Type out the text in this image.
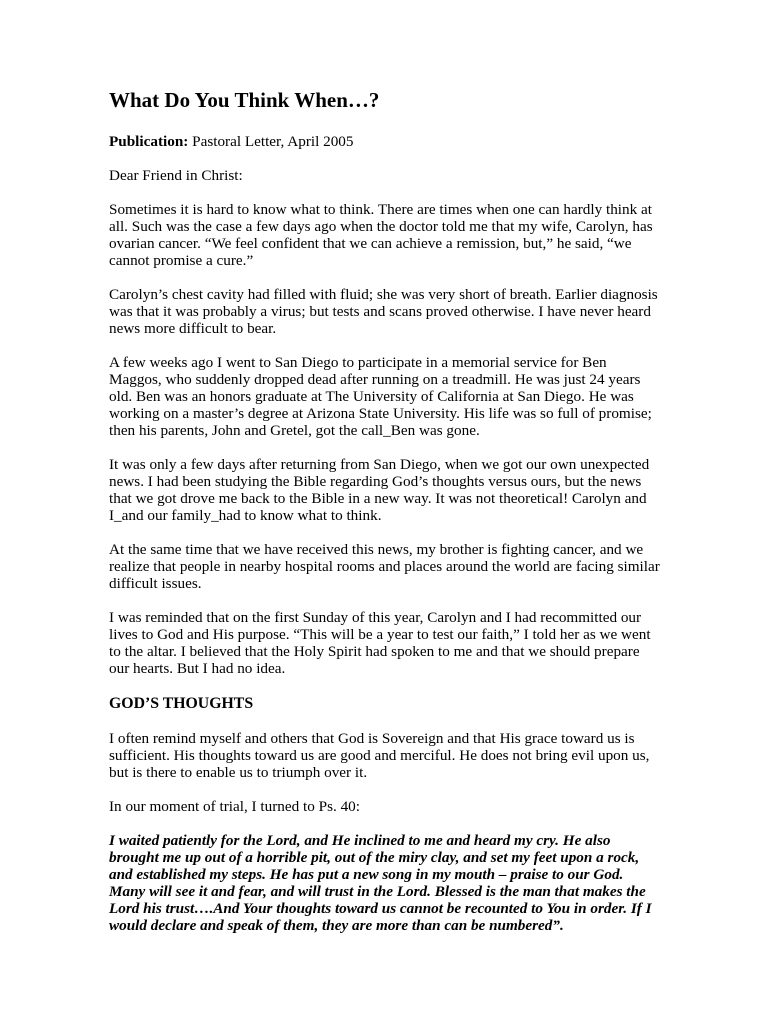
What Do You Think When…?

Publication: Pastoral Letter, April 2005

Dear Friend in Christ:

Sometimes it is hard to know what to think. There are times when one can hardly think at all. Such was the case a few days ago when the doctor told me that my wife, Carolyn, has ovarian cancer. “We feel confident that we can achieve a remission, but,” he said, “we cannot promise a cure.”

Carolyn’s chest cavity had filled with fluid; she was very short of breath. Earlier diagnosis was that it was probably a virus; but tests and scans proved otherwise. I have never heard news more difficult to bear.

A few weeks ago I went to San Diego to participate in a memorial service for Ben Maggos, who suddenly dropped dead after running on a treadmill. He was just 24 years old. Ben was an honors graduate at The University of California at San Diego. He was working on a master’s degree at Arizona State University. His life was so full of promise; then his parents, John and Gretel, got the call_Ben was gone.

It was only a few days after returning from San Diego, when we got our own unexpected news. I had been studying the Bible regarding God’s thoughts versus ours, but the news that we got drove me back to the Bible in a new way. It was not theoretical! Carolyn and I_and our family_had to know what to think.

At the same time that we have received this news, my brother is fighting cancer, and we realize that people in nearby hospital rooms and places around the world are facing similar difficult issues.

I was reminded that on the first Sunday of this year, Carolyn and I had recommitted our lives to God and His purpose. “This will be a year to test our faith,” I told her as we went to the altar. I believed that the Holy Spirit had spoken to me and that we should prepare our hearts. But I had no idea.

GOD’S THOUGHTS

I often remind myself and others that God is Sovereign and that His grace toward us is sufficient. His thoughts toward us are good and merciful. He does not bring evil upon us, but is there to enable us to triumph over it.

In our moment of trial, I turned to Ps. 40:

I waited patiently for the Lord, and He inclined to me and heard my cry. He also brought me up out of a horrible pit, out of the miry clay, and set my feet upon a rock, and established my steps. He has put a new song in my mouth – praise to our God. Many will see it and fear, and will trust in the Lord. Blessed is the man that makes the Lord his trust….And Your thoughts toward us cannot be recounted to You in order. If I would declare and speak of them, they are more than can be numbered”.
